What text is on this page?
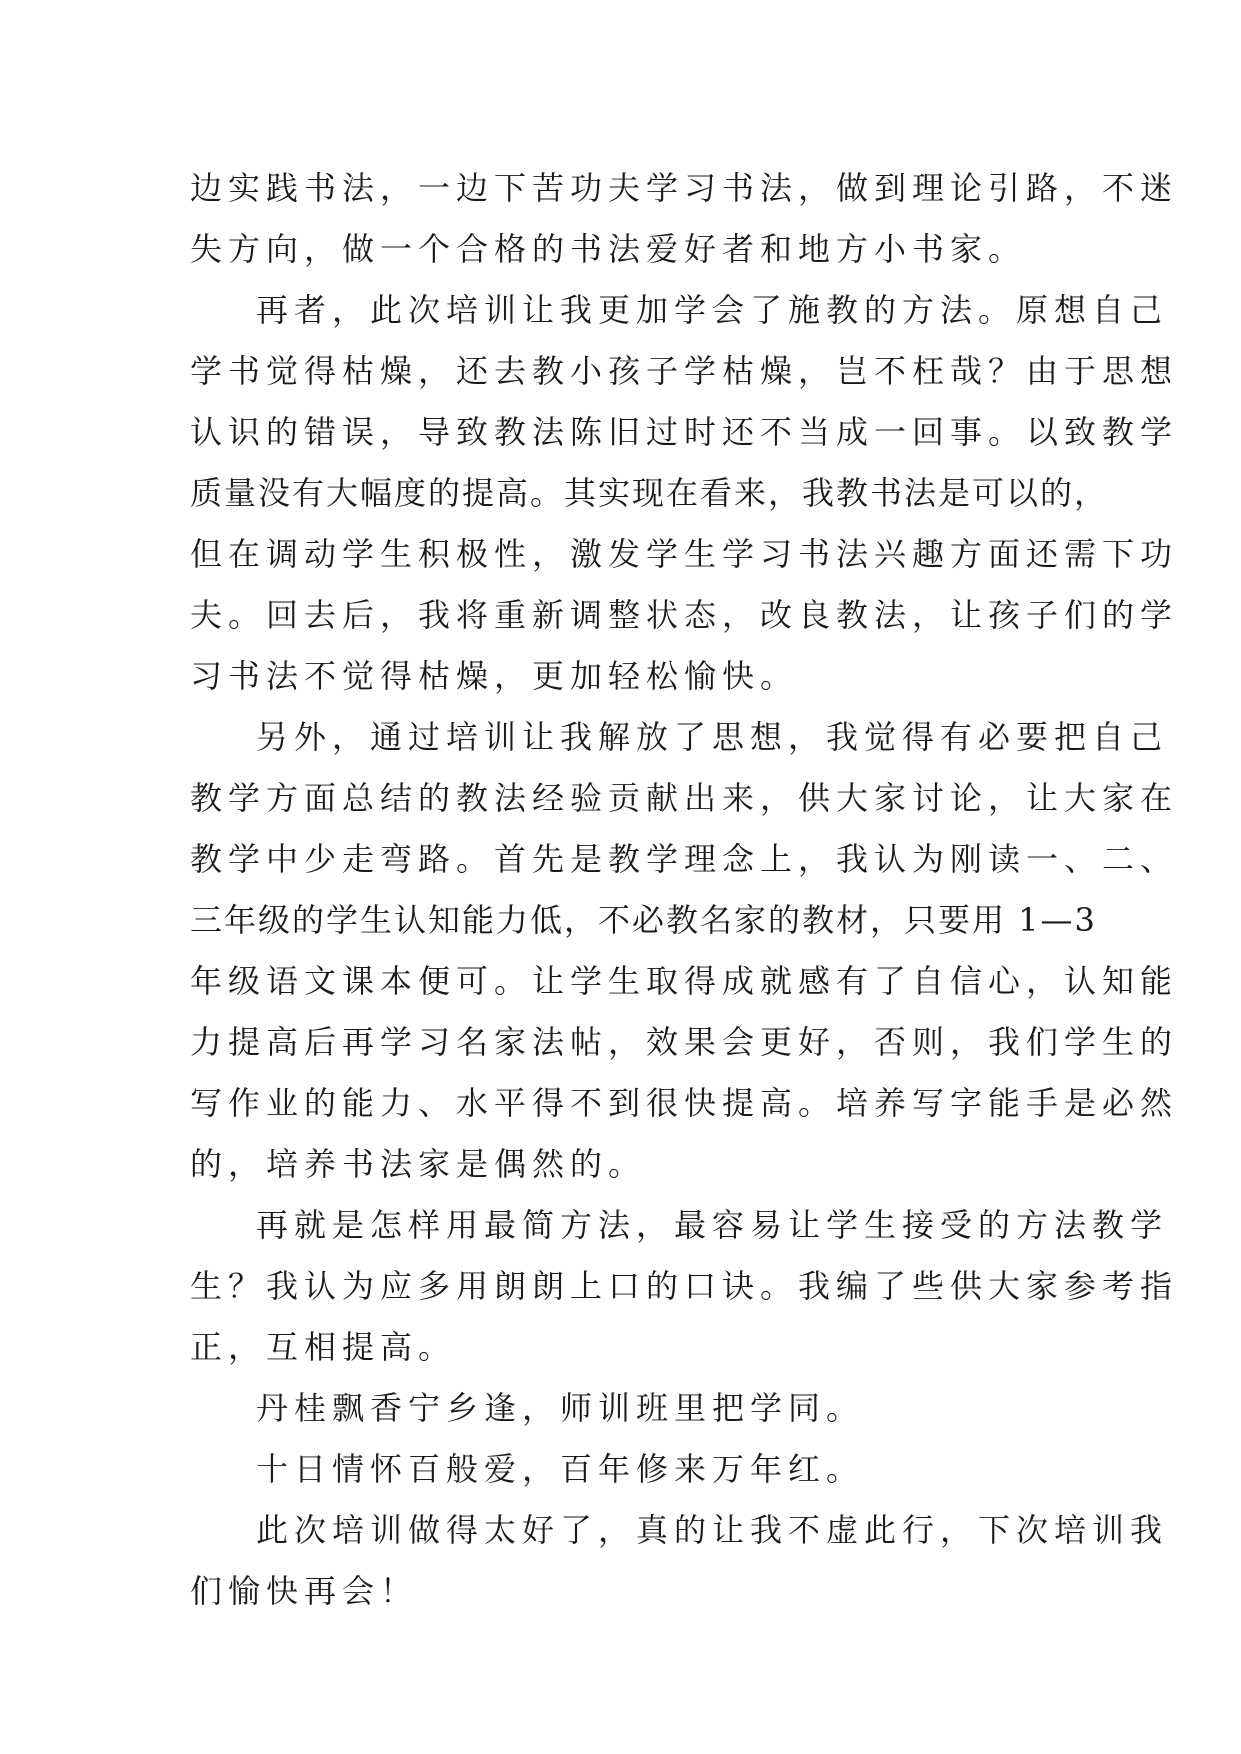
边实践书法，一边下苦功夫学习书法，做到理论引路，不迷
失方向，做一个合格的书法爱好者和地方小书家。
再者，此次培训让我更加学会了施教的方法。原想自己
学书觉得枯燥，还去教小孩子学枯燥，岂不枉哉？由于思想
认识的错误，导致教法陈旧过时还不当成一回事。以致教学
质量没有大幅度的提高。其实现在看来，我教书法是可以的，
但在调动学生积极性，激发学生学习书法兴趣方面还需下功
夫。回去后，我将重新调整状态，改良教法，让孩子们的学
习书法不觉得枯燥，更加轻松愉快。
另外，通过培训让我解放了思想，我觉得有必要把自己
教学方面总结的教法经验贡献出来，供大家讨论，让大家在
教学中少走弯路。首先是教学理念上，我认为刚读一、二、
三年级的学生认知能力低，不必教名家的教材，只要用 1—3
年级语文课本便可。让学生取得成就感有了自信心，认知能
力提高后再学习名家法帖，效果会更好，否则，我们学生的
写作业的能力、水平得不到很快提高。培养写字能手是必然
的，培养书法家是偶然的。
再就是怎样用最简方法，最容易让学生接受的方法教学
生？我认为应多用朗朗上口的口诀。我编了些供大家参考指
正，互相提高。
丹桂飘香宁乡逢，师训班里把学同。
十日情怀百般爱，百年修来万年红。
此次培训做得太好了，真的让我不虚此行，下次培训我
们愉快再会！
